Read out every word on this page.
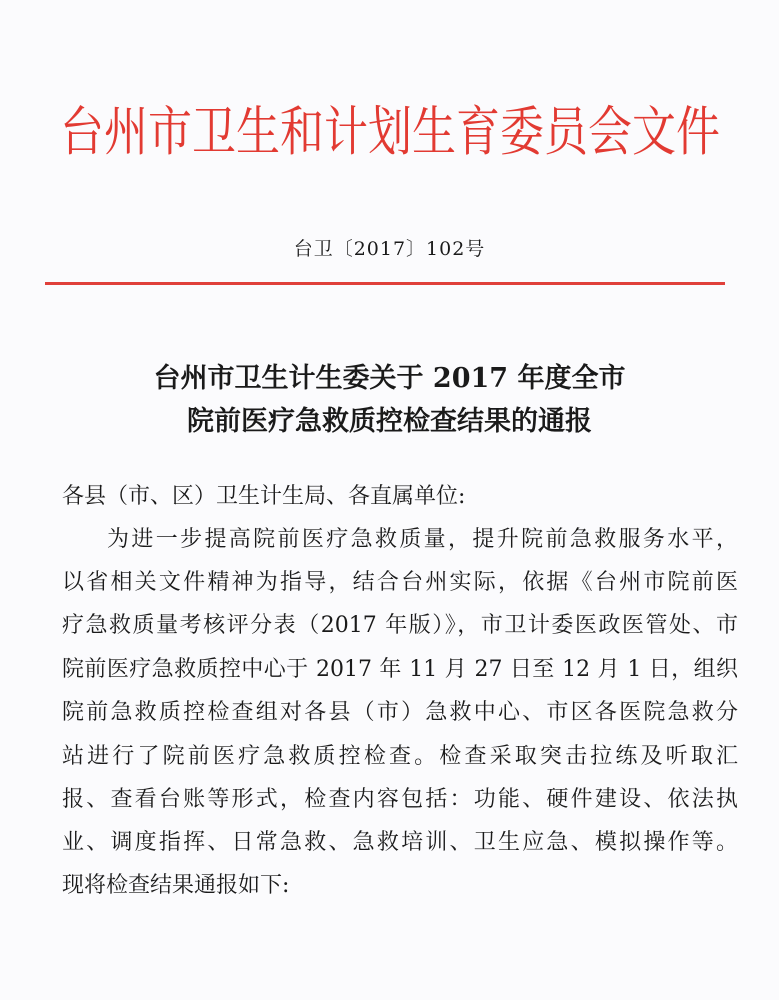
台州市卫生和计划生育委员会文件
台卫〔2017〕102号
台州市卫生计生委关于 2017 年度全市
院前医疗急救质控检查结果的通报
各县（市、区）卫生计生局、各直属单位:
为进一步提高院前医疗急救质量，提升院前急救服务水平，
以省相关文件精神为指导，结合台州实际，依据《台州市院前医
疗急救质量考核评分表（2017 年版）》，市卫计委医政医管处、市
院前医疗急救质控中心于 2017 年 11 月 27 日至 12 月 1 日，组织
院前急救质控检查组对各县（市）急救中心、市区各医院急救分
站进行了院前医疗急救质控检查。检查采取突击拉练及听取汇
报、查看台账等形式，检查内容包括：功能、硬件建设、依法执
业、调度指挥、日常急救、急救培训、卫生应急、模拟操作等。
现将检查结果通报如下:
